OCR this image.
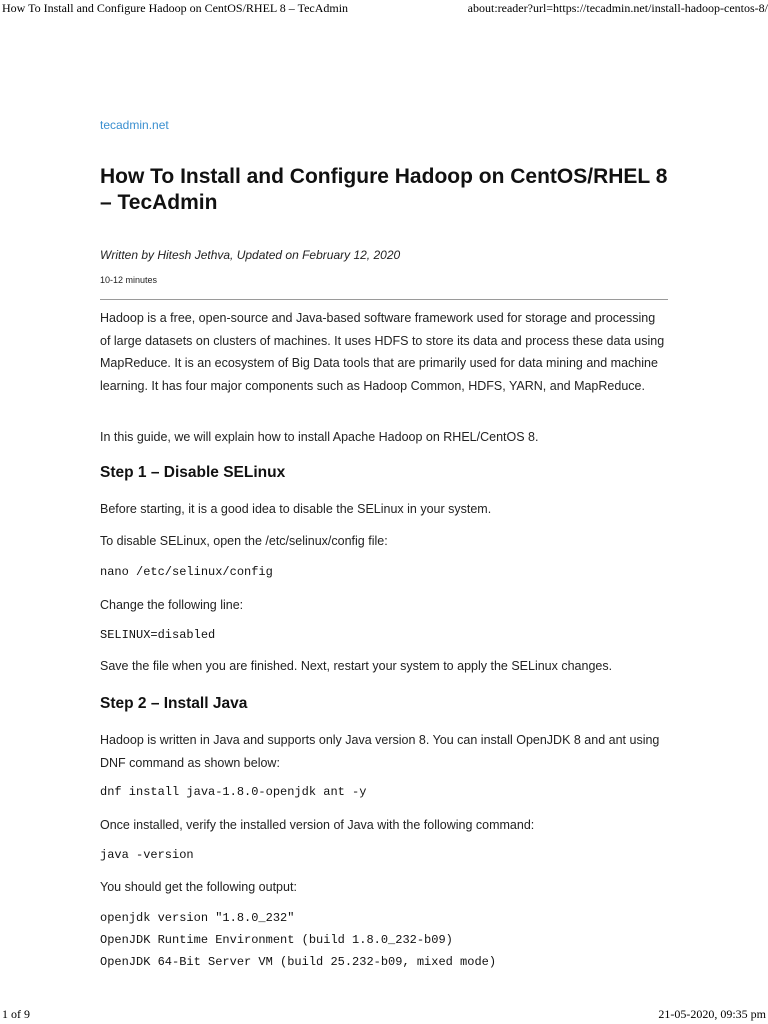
How To Install and Configure Hadoop on CentOS/RHEL 8 – TecAdmin	about:reader?url=https://tecadmin.net/install-hadoop-centos-8/
tecadmin.net
How To Install and Configure Hadoop on CentOS/RHEL 8 – TecAdmin
Written by Hitesh Jethva, Updated on February 12, 2020
10-12 minutes

Hadoop is a free, open-source and Java-based software framework used for storage and processing of large datasets on clusters of machines. It uses HDFS to store its data and process these data using MapReduce. It is an ecosystem of Big Data tools that are primarily used for data mining and machine learning. It has four major components such as Hadoop Common, HDFS, YARN, and MapReduce.

In this guide, we will explain how to install Apache Hadoop on RHEL/CentOS 8.

Step 1 – Disable SELinux

Before starting, it is a good idea to disable the SELinux in your system.

To disable SELinux, open the /etc/selinux/config file:

nano /etc/selinux/config

Change the following line:

SELINUX=disabled

Save the file when you are finished. Next, restart your system to apply the SELinux changes.

Step 2 – Install Java

Hadoop is written in Java and supports only Java version 8. You can install OpenJDK 8 and ant using DNF command as shown below:

dnf install java-1.8.0-openjdk ant -y

Once installed, verify the installed version of Java with the following command:

java -version

You should get the following output:

openjdk version "1.8.0_232"
OpenJDK Runtime Environment (build 1.8.0_232-b09)
OpenJDK 64-Bit Server VM (build 25.232-b09, mixed mode)
1 of 9	21-05-2020, 09:35 pm
